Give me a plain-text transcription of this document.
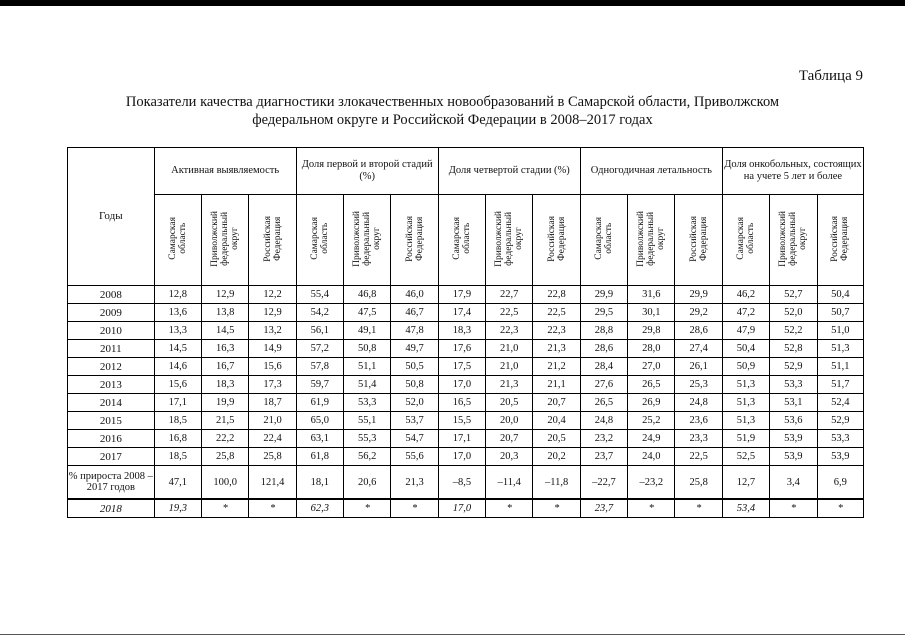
Таблица 9
Показатели качества диагностики злокачественных новообразований в Самарской области, Приволжском
федеральном округе и Российской Федерации в 2008–2017 годах
Годы	Активная выявляемость			Доля первой и второй стадий (%)			Доля четвертой стадии (%)			Одногодичная летальность			Доля онкобольных, состоящих на учете 5 лет и более		
	Самарская
область	Приволжский
федеральный
округ	Российская
Федерация	Самарская
область	Приволжский
федеральный
округ	Российская
Федерация	Самарская
область	Приволжский
федеральный
округ	Российская
Федерация	Самарская
область	Приволжский
федеральный
округ	Российская
Федерация	Самарская
область	Приволжский
федеральный
округ	Российская
Федерация
2008	12,8	12,9	12,2	55,4	46,8	46,0	17,9	22,7	22,8	29,9	31,6	29,9	46,2	52,7	50,4
2009	13,6	13,8	12,9	54,2	47,5	46,7	17,4	22,5	22,5	29,5	30,1	29,2	47,2	52,0	50,7
2010	13,3	14,5	13,2	56,1	49,1	47,8	18,3	22,3	22,3	28,8	29,8	28,6	47,9	52,2	51,0
2011	14,5	16,3	14,9	57,2	50,8	49,7	17,6	21,0	21,3	28,6	28,0	27,4	50,4	52,8	51,3
2012	14,6	16,7	15,6	57,8	51,1	50,5	17,5	21,0	21,2	28,4	27,0	26,1	50,9	52,9	51,1
2013	15,6	18,3	17,3	59,7	51,4	50,8	17,0	21,3	21,1	27,6	26,5	25,3	51,3	53,3	51,7
2014	17,1	19,9	18,7	61,9	53,3	52,0	16,5	20,5	20,7	26,5	26,9	24,8	51,3	53,1	52,4
2015	18,5	21,5	21,0	65,0	55,1	53,7	15,5	20,0	20,4	24,8	25,2	23,6	51,3	53,6	52,9
2016	16,8	22,2	22,4	63,1	55,3	54,7	17,1	20,7	20,5	23,2	24,9	23,3	51,9	53,9	53,3
2017	18,5	25,8	25,8	61,8	56,2	55,6	17,0	20,3	20,2	23,7	24,0	22,5	52,5	53,9	53,9
% прироста 2008 – 2017 годов	47,1	100,0	121,4	18,1	20,6	21,3	–8,5	–11,4	–11,8	–22,7	–23,2	25,8	12,7	3,4	6,9
2018	19,3	*	*	62,3	*	*	17,0	*	*	23,7	*	*	53,4	*	*
